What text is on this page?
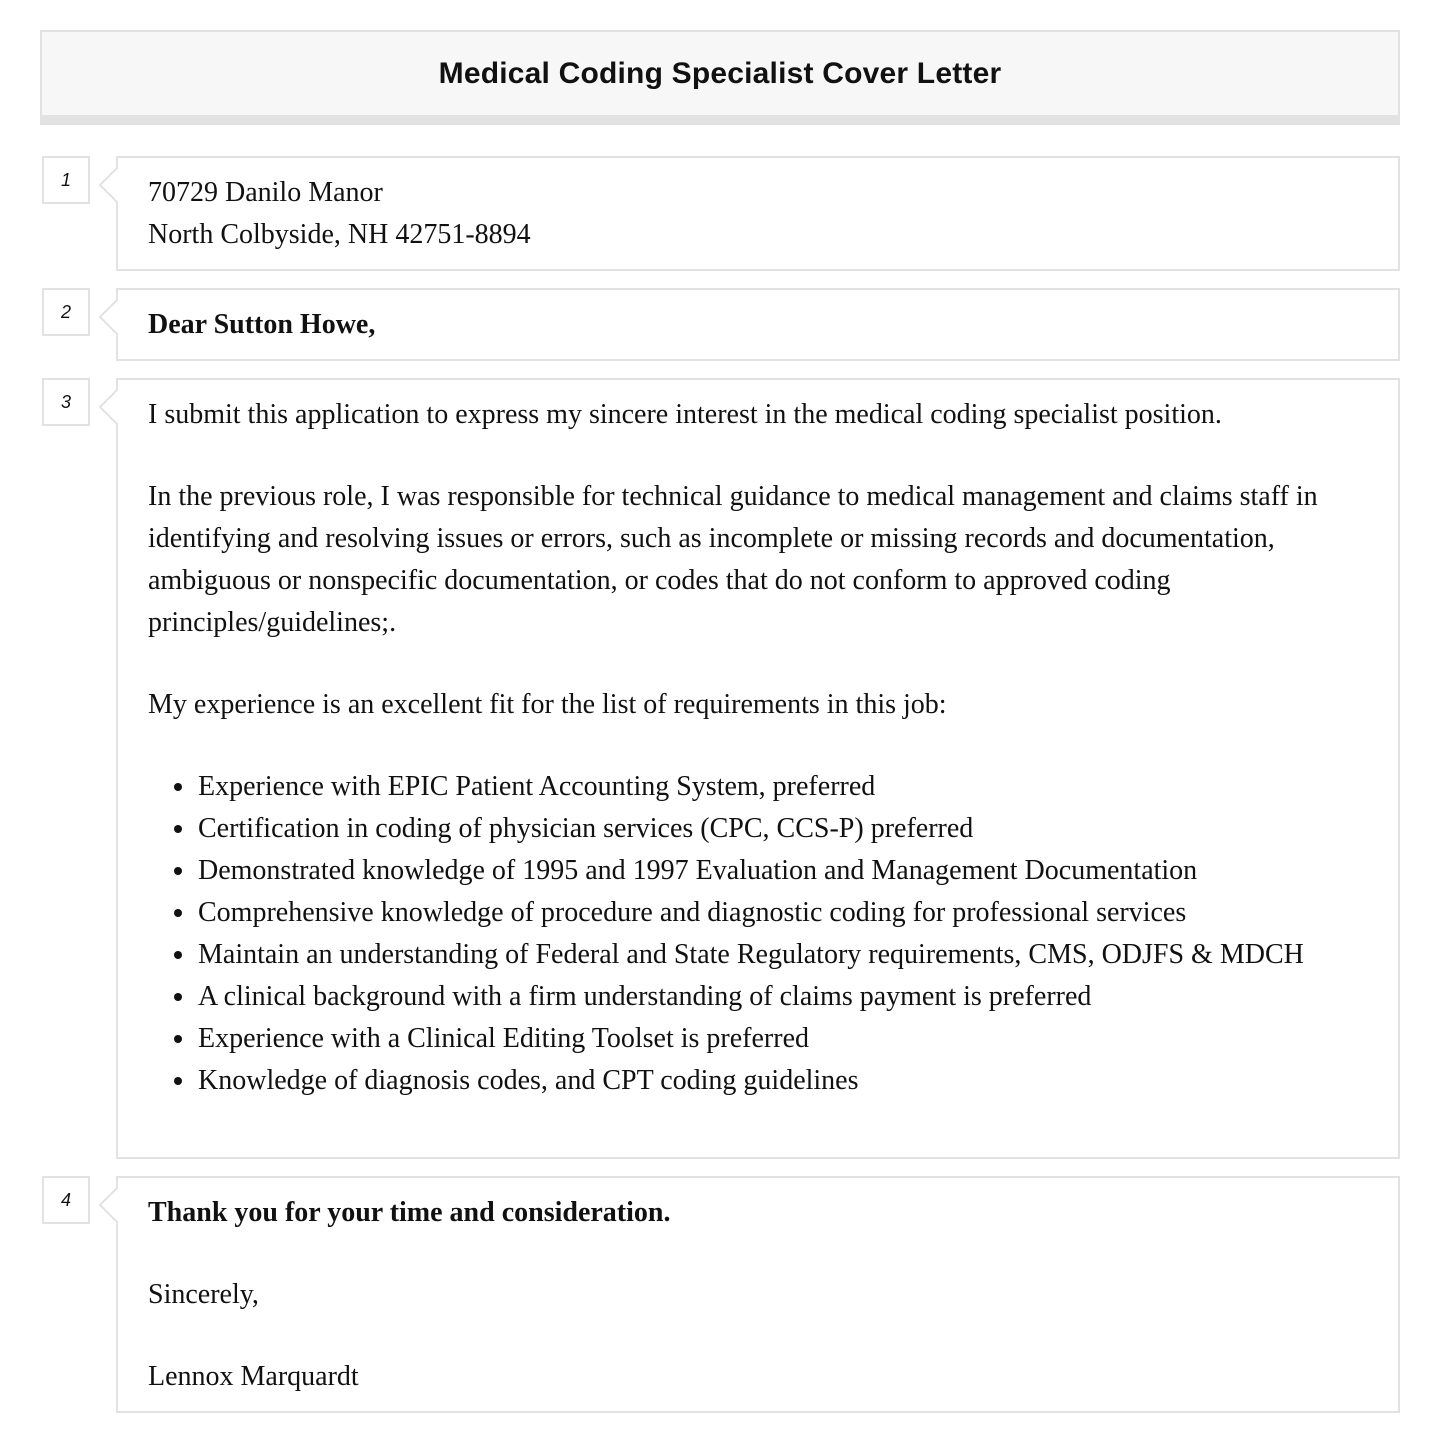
Medical Coding Specialist Cover Letter
1	70729 Danilo Manor

North Colbyside, NH 42751-8894

2	Dear Sutton Howe,

3	I submit this application to express my sincere interest in the medical coding specialist position.

In the previous role, I was responsible for technical guidance to medical management and claims staff in identifying and resolving issues or errors, such as incomplete or missing records and documentation, ambiguous or nonspecific documentation, or codes that do not conform to approved coding principles/guidelines;.

My experience is an excellent fit for the list of requirements in this job:

Experience with EPIC Patient Accounting System, preferred
Certification in coding of physician services (CPC, CCS-P) preferred
Demonstrated knowledge of 1995 and 1997 Evaluation and Management Documentation
Comprehensive knowledge of procedure and diagnostic coding for professional services
Maintain an understanding of Federal and State Regulatory requirements, CMS, ODJFS & MDCH
A clinical background with a firm understanding of claims payment is preferred
Experience with a Clinical Editing Toolset is preferred
Knowledge of diagnosis codes, and CPT coding guidelines
4	Thank you for your time and consideration.

Sincerely,

Lennox Marquardt
